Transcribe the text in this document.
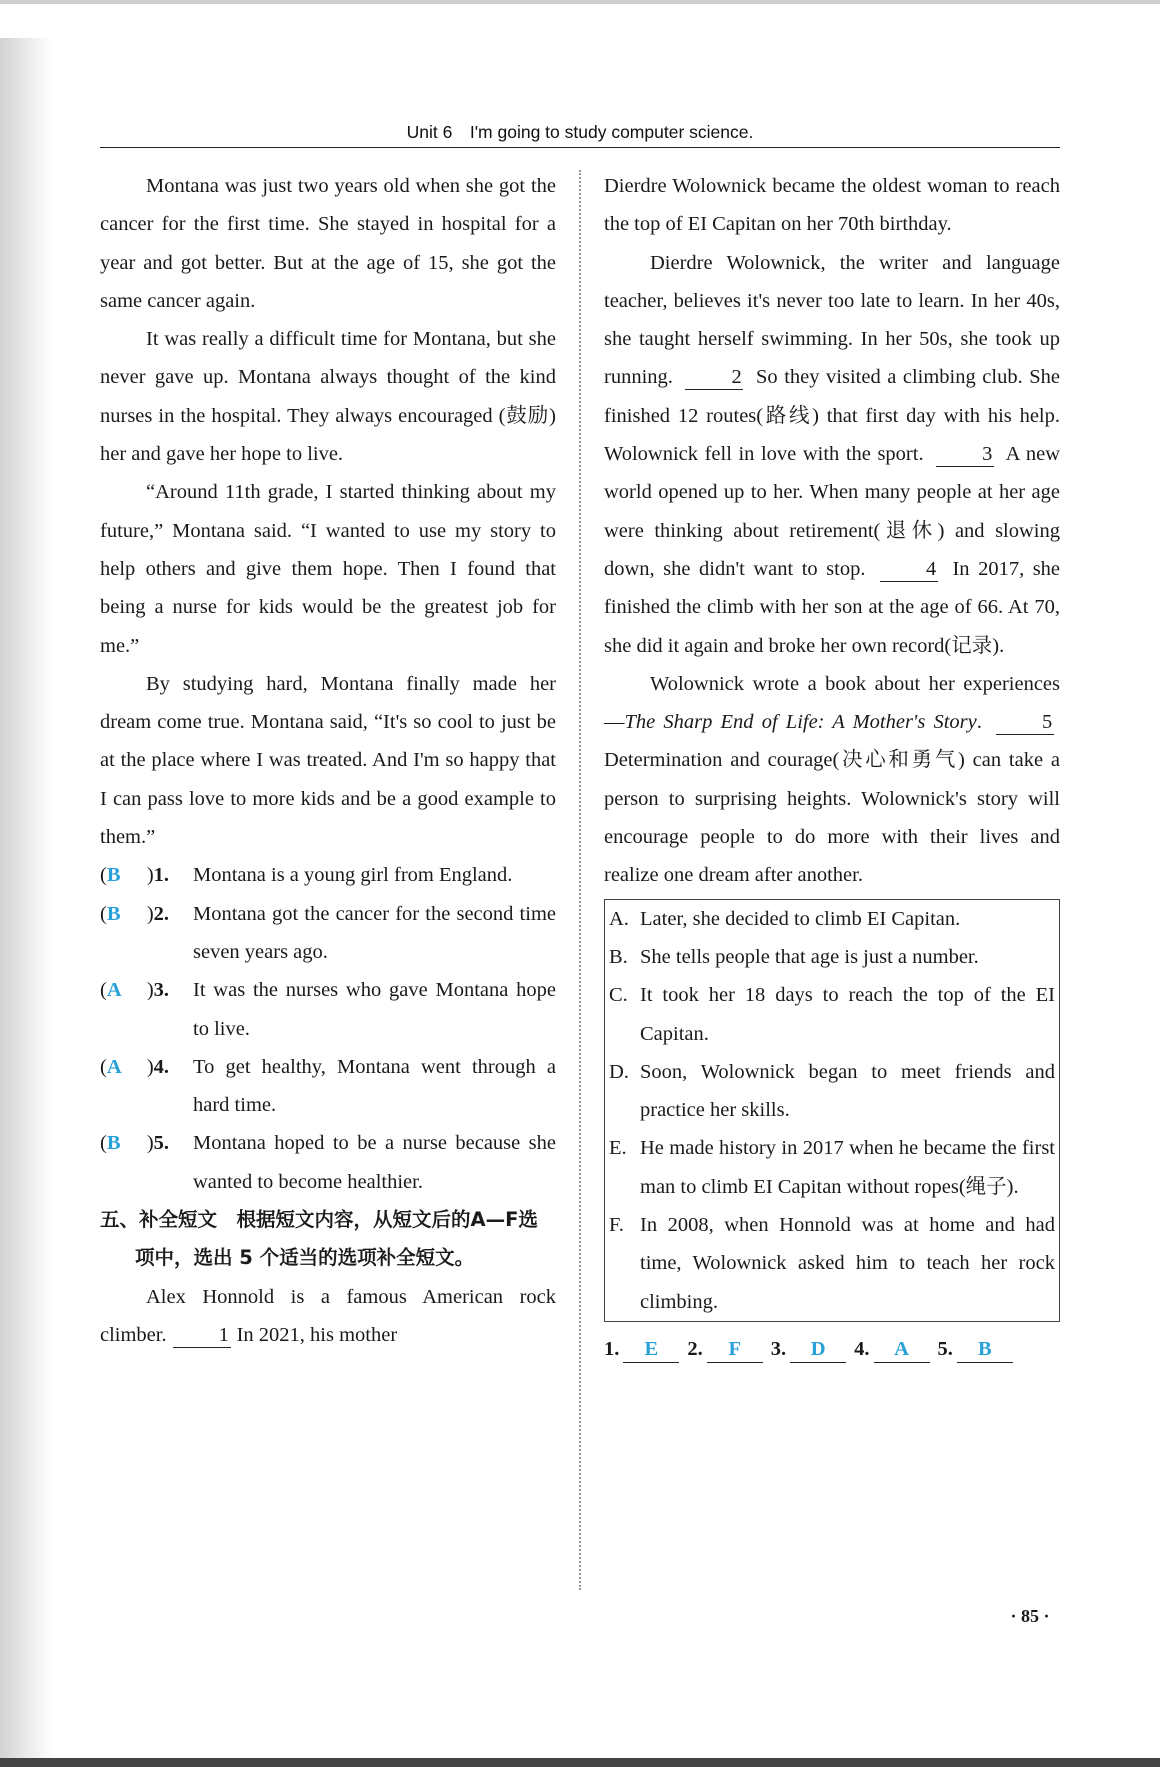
Unit 6　I'm going to study computer science.

Montana was just two years old when she got the cancer for the first time. She stayed in hospital for a year and got better. But at the age of 15, she got the same cancer again.

It was really a difficult time for Montana, but she never gave up. Montana always thought of the kind nurses in the hospital. They always encouraged (鼓励) her and gave her hope to live.

“Around 11th grade, I started thinking about my future,” Montana said. “I wanted to use my story to help others and give them hope. Then I found that being a nurse for kids would be the greatest job for me.”

By studying hard, Montana finally made her dream come true. Montana said, “It's so cool to just be at the place where I was treated. And I'm so happy that I can pass love to more kids and be a good example to them.”

(B )1.	Montana is a young girl from England.
(B )2.	Montana got the cancer for the second time seven years ago.
(A )3.	It was the nurses who gave Montana hope to live.
(A )4.	To get healthy, Montana went through a hard time.
(B )5.	Montana hoped to be a nurse because she wanted to become healthier.

五、补全短文　根据短文内容，从短文后的A—F选项中，选出 5 个适当的选项补全短文。

Alex Honnold is a famous American rock climber.	1 In 2021, his mother

Dierdre Wolownick became the oldest woman to reach the top of EI Capitan on her 70th birthday.

Dierdre Wolownick, the writer and language teacher, believes it's never too late to learn. In her 40s, she taught herself swimming. In her 50s, she took up running.	2 So they visited a climbing club. She finished 12 routes(路线) that first day with his help. Wolownick fell in love with the sport.	3 A new world opened up to her. When many people at her age were thinking about retirement(退休) and slowing down, she didn't want to stop.	4 In 2017, she finished the climb with her son at the age of 66. At 70, she did it again and broke her own record(记录).

Wolownick wrote a book about her experiences—The Sharp End of Life: A Mother's Story.	5 Determination and courage(决心和勇气) can take a person to surprising heights. Wolownick's story will encourage people to do more with their lives and realize one dream after another.

A. Later, she decided to climb EI Capitan.
B. She tells people that age is just a number.
C. It took her 18 days to reach the top of the EI Capitan.
D. Soon, Wolownick began to meet friends and practice her skills.
E. He made history in 2017 when he became the first man to climb EI Capitan without ropes(绳子).
F. In 2008, when Honnold was at home and had time, Wolownick asked him to teach her rock climbing.
1. E 2. F 3. D 4. A 5. B
· 85 ·
